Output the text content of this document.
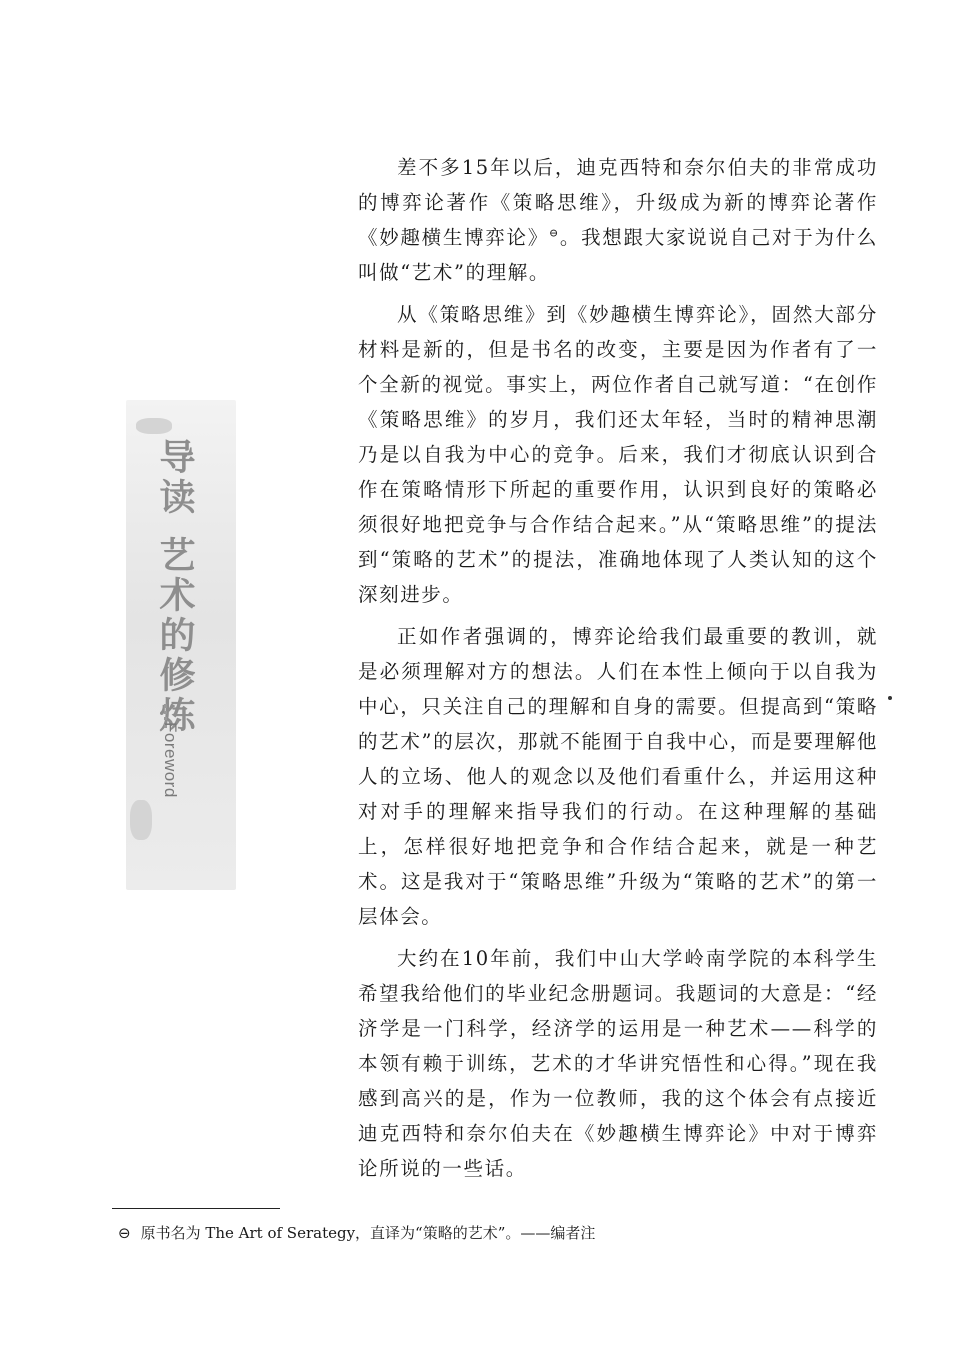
导读
艺术的修炼
Foreword

差不多15年以后，迪克西特和奈尔伯夫的非常成功的博弈论著作《策略思维》，升级成为新的博弈论著作《妙趣横生博弈论》⊖。我想跟大家说说自己对于为什么叫做“艺术”的理解。

从《策略思维》到《妙趣横生博弈论》，固然大部分材料是新的，但是书名的改变，主要是因为作者有了一个全新的视觉。事实上，两位作者自己就写道：“在创作《策略思维》的岁月，我们还太年轻，当时的精神思潮乃是以自我为中心的竞争。后来，我们才彻底认识到合作在策略情形下所起的重要作用，认识到良好的策略必须很好地把竞争与合作结合起来。”从“策略思维”的提法到“策略的艺术”的提法，准确地体现了人类认知的这个深刻进步。

正如作者强调的，博弈论给我们最重要的教训，就是必须理解对方的想法。人们在本性上倾向于以自我为中心，只关注自己的理解和自身的需要。但提高到“策略的艺术”的层次，那就不能囿于自我中心，而是要理解他人的立场、他人的观念以及他们看重什么，并运用这种对对手的理解来指导我们的行动。在这种理解的基础上，怎样很好地把竞争和合作结合起来，就是一种艺术。这是我对于“策略思维”升级为“策略的艺术”的第一层体会。

大约在10年前，我们中山大学岭南学院的本科学生希望我给他们的毕业纪念册题词。我题词的大意是：“经济学是一门科学，经济学的运用是一种艺术——科学的本领有赖于训练，艺术的才华讲究悟性和心得。”现在我感到高兴的是，作为一位教师，我的这个体会有点接近迪克西特和奈尔伯夫在《妙趣横生博弈论》中对于博弈论所说的一些话。

⊖ 原书名为 The Art of Serategy，直译为“策略的艺术”。——编者注
